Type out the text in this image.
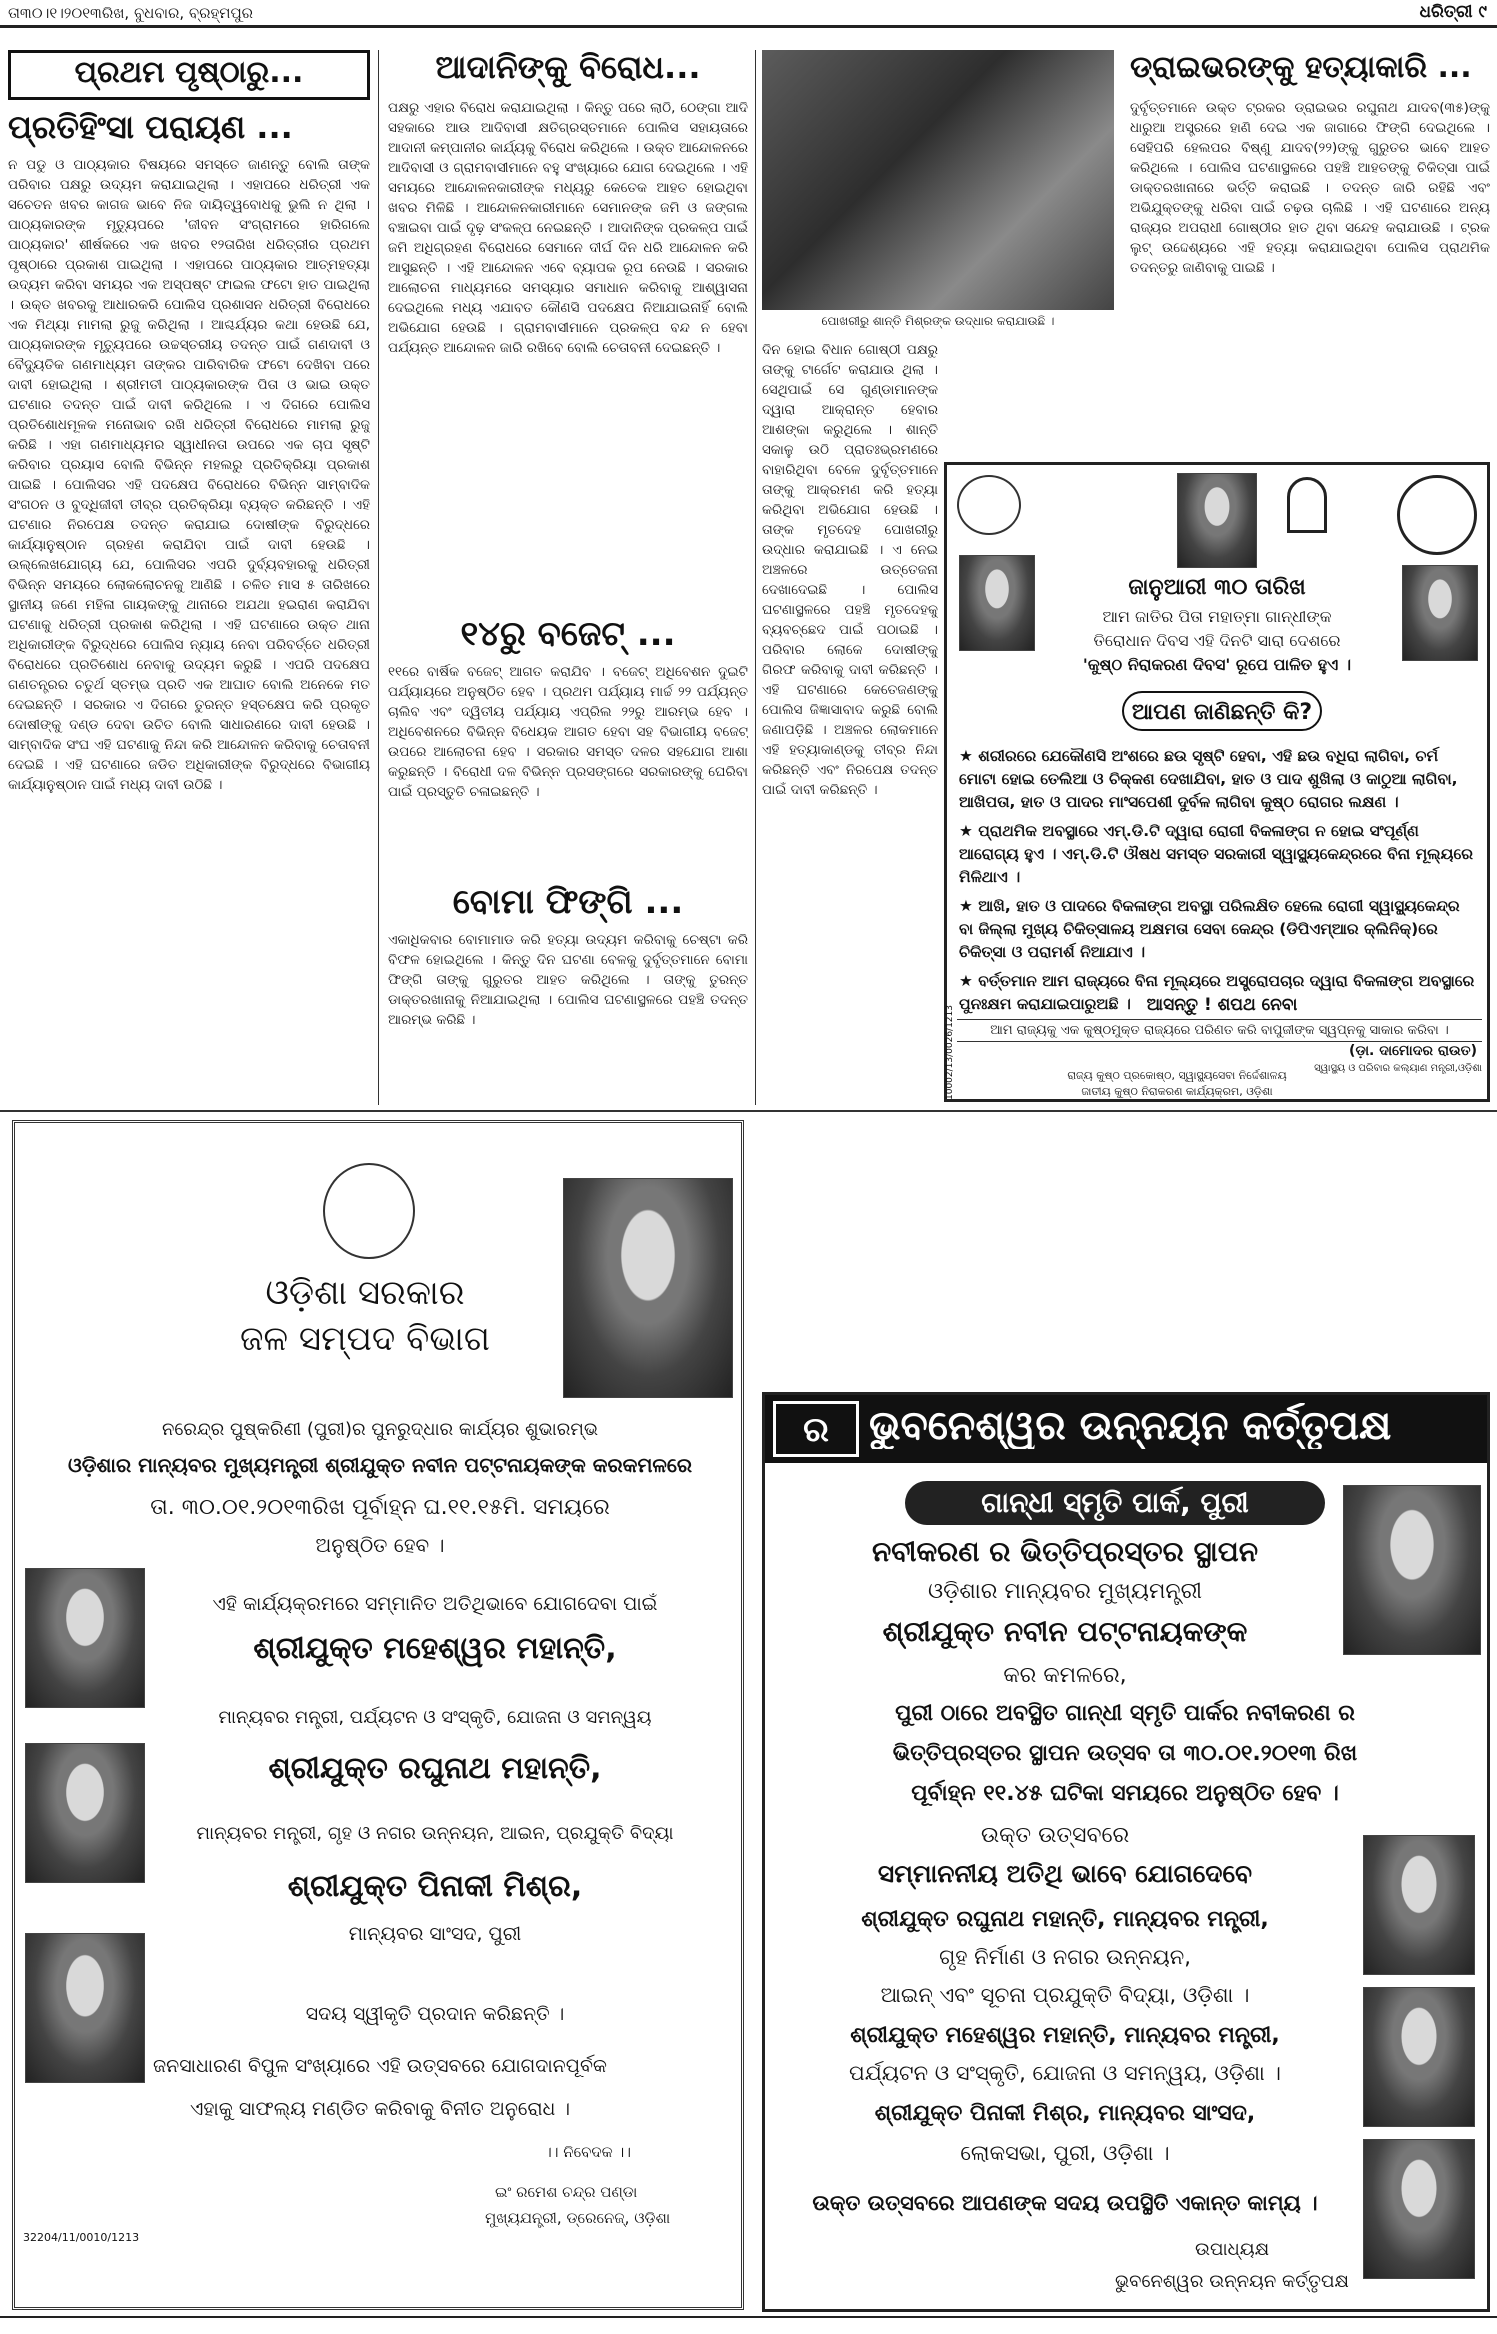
ତା୩୦।୧।୨୦୧୩ରିଖ, ବୁଧବାର, ବ୍ରହ୍ମପୁର	ଧରିତ୍ରୀ ୯
ପ୍ରଥମ ପୃଷ୍ଠାରୁ...
ପ୍ରତିହିଂସା ପରାୟଣ ...
ନ ପଡୁ ଓ ପାଠ୍ୟକାର ବିଷୟରେ ସମସ୍ତେ ଜାଣନ୍ତୁ ବୋଲି ତାଙ୍କ ପରିବାର ପକ୍ଷରୁ ଉଦ୍ୟମ କରାଯାଇଥିଲା । ଏହାପରେ ଧରିତ୍ରୀ ଏକ ସଚେତନ ଖବର କାଗଜ ଭାବେ ନିଜ ଦାୟିତ୍ୱବୋଧକୁ ଭୁଲି ନ ଥିଲା । ପାଠ୍ୟକାରଙ୍କ ମୃତ୍ୟୁପରେ 'ଜୀବନ ସଂଗ୍ରାମରେ ହାରିଗଲେ ପାଠ୍ୟକାର' ଶୀର୍ଷକରେ ଏକ ଖବର ୧୨ତାରିଖ ଧରିତ୍ରୀର ପ୍ରଥମ ପୃଷ୍ଠାରେ ପ୍ରକାଶ ପାଇଥିଲା । ଏହାପରେ ପାଠ୍ୟକାର ଆତ୍ମହତ୍ୟା ଉଦ୍ୟମ କରିବା ସମୟର ଏକ ଅସ୍ପଷ୍ଟ ଫାଇଲ ଫଟୋ ହାତ ପାଇଥିଲା । ଉକ୍ତ ଖବରକୁ ଆଧାରକରି ପୋଲିସ ପ୍ରଶାସନ ଧରିତ୍ରୀ ବିରୋଧରେ ଏକ ମିଥ୍ୟା ମାମଲା ରୁଜୁ କରିଥିଲା । ଆଶ୍ଚର୍ଯ୍ୟର କଥା ହେଉଛି ଯେ, ପାଠ୍ୟକାରଙ୍କ ମୃତ୍ୟୁପରେ ଉଚ୍ଚସ୍ତରୀୟ ତଦନ୍ତ ପାଇଁ ଗଣଦାବୀ ଓ ବୈଦ୍ୟୁତିକ ଗଣମାଧ୍ୟମ ତାଙ୍କର ପାରିବାରିକ ଫଟୋ ଦେଖିବା ପରେ ଦାବୀ ହୋଇଥିଲା । ଶ୍ରୀମତୀ ପାଠ୍ୟକାରଙ୍କ ପିତା ଓ ଭାଇ ଉକ୍ତ ଘଟଣାର ତଦନ୍ତ ପାଇଁ ଦାବୀ କରିଥିଲେ । ଏ ଦିଗରେ ପୋଲିସ ପ୍ରତିଶୋଧମୂଳକ ମନୋଭାବ ରଖି ଧରିତ୍ରୀ ବିରୋଧରେ ମାମଲା ରୁଜୁ କରିଛି । ଏହା ଗଣମାଧ୍ୟମର ସ୍ୱାଧୀନତା ଉପରେ ଏକ ଚାପ ସୃଷ୍ଟି କରିବାର ପ୍ରୟାସ ବୋଲି ବିଭିନ୍ନ ମହଲରୁ ପ୍ରତିକ୍ରିୟା ପ୍ରକାଶ ପାଇଛି । ପୋଲିସର ଏହି ପଦକ୍ଷେପ ବିରୋଧରେ ବିଭିନ୍ନ ସାମ୍ବାଦିକ ସଂଗଠନ ଓ ବୁଦ୍ଧିଜୀବୀ ତୀବ୍ର ପ୍ରତିକ୍ରିୟା ବ୍ୟକ୍ତ କରିଛନ୍ତି । ଏହି ଘଟଣାର ନିରପେକ୍ଷ ତଦନ୍ତ କରାଯାଇ ଦୋଷୀଙ୍କ ବିରୁଦ୍ଧରେ କାର୍ଯ୍ୟାନୁଷ୍ଠାନ ଗ୍ରହଣ କରାଯିବା ପାଇଁ ଦାବୀ ହେଉଛି । ଉଲ୍ଲେଖଯୋଗ୍ୟ ଯେ, ପୋଲିସର ଏପରି ଦୁର୍ବ୍ୟବହାରକୁ ଧରିତ୍ରୀ ବିଭିନ୍ନ ସମୟରେ ଲୋକଲୋଚନକୁ ଆଣିଛି । ଚଳିତ ମାସ ୫ ତାରିଖରେ ସ୍ଥାନୀୟ ଜଣେ ମହିଳା ଗାୟକଙ୍କୁ ଥାନାରେ ଅଯଥା ହଇରାଣ କରାଯିବା ଘଟଣାକୁ ଧରିତ୍ରୀ ପ୍ରକାଶ କରିଥିଲା । ଏହି ଘଟଣାରେ ଉକ୍ତ ଥାନା ଅଧିକାରୀଙ୍କ ବିରୁଦ୍ଧରେ ପୋଲିସ ନ୍ୟାୟ ନେବା ପରିବର୍ତ୍ତେ ଧରିତ୍ରୀ ବିରୋଧରେ ପ୍ରତିଶୋଧ ନେବାକୁ ଉଦ୍ୟମ କରୁଛି । ଏପରି ପଦକ୍ଷେପ ଗଣତନ୍ତ୍ରର ଚତୁର୍ଥ ସ୍ତମ୍ଭ ପ୍ରତି ଏକ ଆଘାତ ବୋଲି ଅନେକେ ମତ ଦେଇଛନ୍ତି । ସରକାର ଏ ଦିଗରେ ତୁରନ୍ତ ହସ୍ତକ୍ଷେପ କରି ପ୍ରକୃତ ଦୋଷୀଙ୍କୁ ଦଣ୍ଡ ଦେବା ଉଚିତ ବୋଲି ସାଧାରଣରେ ଦାବୀ ହେଉଛି । ସାମ୍ବାଦିକ ସଂଘ ଏହି ଘଟଣାକୁ ନିନ୍ଦା କରି ଆନ୍ଦୋଳନ କରିବାକୁ ଚେତାବନୀ ଦେଇଛି । ଏହି ଘଟଣାରେ ଜଡିତ ଅଧିକାରୀଙ୍କ ବିରୁଦ୍ଧରେ ବିଭାଗୀୟ କାର୍ଯ୍ୟାନୁଷ୍ଠାନ ପାଇଁ ମଧ୍ୟ ଦାବୀ ଉଠିଛି ।
ଆଦାନିଙ୍କୁ ବିରୋଧ...
ପକ୍ଷରୁ ଏହାର ବିରୋଧ କରାଯାଇଥିଲା । କିନ୍ତୁ ପରେ ଲାଠି, ଠେଙ୍ଗା ଆଦି ସହକାରେ ଆଉ ଆଦିବାସୀ କ୍ଷତିଗ୍ରସ୍ତମାନେ ପୋଲିସ ସହାୟତାରେ ଆଦାନୀ କମ୍ପାନୀର କାର୍ଯ୍ୟକୁ ବିରୋଧ କରିଥିଲେ । ଉକ୍ତ ଆନ୍ଦୋଳନରେ ଆଦିବାସୀ ଓ ଗ୍ରାମବାସୀମାନେ ବହୁ ସଂଖ୍ୟାରେ ଯୋଗ ଦେଇଥିଲେ । ଏହି ସମୟରେ ଆନ୍ଦୋଳନକାରୀଙ୍କ ମଧ୍ୟରୁ କେତେକ ଆହତ ହୋଇଥିବା ଖବର ମିଳିଛି । ଆନ୍ଦୋଳନକାରୀମାନେ ସେମାନଙ୍କ ଜମି ଓ ଜଙ୍ଗଲ ବଞ୍ଚାଇବା ପାଇଁ ଦୃଢ଼ ସଂକଳ୍ପ ନେଇଛନ୍ତି । ଆଦାନିଙ୍କ ପ୍ରକଳ୍ପ ପାଇଁ ଜମି ଅଧିଗ୍ରହଣ ବିରୋଧରେ ସେମାନେ ଦୀର୍ଘ ଦିନ ଧରି ଆନ୍ଦୋଳନ କରି ଆସୁଛନ୍ତି । ଏହି ଆନ୍ଦୋଳନ ଏବେ ବ୍ୟାପକ ରୂପ ନେଉଛି । ସରକାର ଆଲୋଚନା ମାଧ୍ୟମରେ ସମସ୍ୟାର ସମାଧାନ କରିବାକୁ ଆଶ୍ୱାସନା ଦେଇଥିଲେ ମଧ୍ୟ ଏଯାବତ କୌଣସି ପଦକ୍ଷେପ ନିଆଯାଇନାହିଁ ବୋଲି ଅଭିଯୋଗ ହେଉଛି । ଗ୍ରାମବାସୀମାନେ ପ୍ରକଳ୍ପ ବନ୍ଦ ନ ହେବା ପର୍ଯ୍ୟନ୍ତ ଆନ୍ଦୋଳନ ଜାରି ରଖିବେ ବୋଲି ଚେତାବନୀ ଦେଇଛନ୍ତି ।
୧୪ରୁ ବଜେଟ୍ ...
୧୧ରେ ବାର୍ଷିକ ବଜେଟ୍ ଆଗତ କରାଯିବ । ବଜେଟ୍ ଅଧିବେଶନ ଦୁଇଟି ପର୍ଯ୍ୟାୟରେ ଅନୁଷ୍ଠିତ ହେବ । ପ୍ରଥମ ପର୍ଯ୍ୟାୟ ମାର୍ଚ୍ଚ ୨୨ ପର୍ଯ୍ୟନ୍ତ ଚାଲିବ ଏବଂ ଦ୍ୱିତୀୟ ପର୍ଯ୍ୟାୟ ଏପ୍ରିଲ ୨୨ରୁ ଆରମ୍ଭ ହେବ । ଅଧିବେଶନରେ ବିଭିନ୍ନ ବିଧେୟକ ଆଗତ ହେବା ସହ ବିଭାଗୀୟ ବଜେଟ୍ ଉପରେ ଆଲୋଚନା ହେବ । ସରକାର ସମସ୍ତ ଦଳର ସହଯୋଗ ଆଶା କରୁଛନ୍ତି । ବିରୋଧୀ ଦଳ ବିଭିନ୍ନ ପ୍ରସଙ୍ଗରେ ସରକାରଙ୍କୁ ଘେରିବା ପାଇଁ ପ୍ରସ୍ତୁତି ଚଳାଇଛନ୍ତି ।
ବୋମା ଫିଙ୍ଗି ...
ଏକାଧିକବାର ବୋମାମାଡ କରି ହତ୍ୟା ଉଦ୍ୟମ କରିବାକୁ ଚେଷ୍ଟା କରି ବିଫଳ ହୋଇଥିଲେ । କିନ୍ତୁ ଦିନ ଘଟଣା ବେଳକୁ ଦୁର୍ବୃତ୍ତମାନେ ବୋମା ଫିଙ୍ଗି ତାଙ୍କୁ ଗୁରୁତର ଆହତ କରିଥିଲେ । ତାଙ୍କୁ ତୁରନ୍ତ ଡାକ୍ତରଖାନାକୁ ନିଆଯାଇଥିଲା । ପୋଲିସ ଘଟଣାସ୍ଥଳରେ ପହଞ୍ଚି ତଦନ୍ତ ଆରମ୍ଭ କରିଛି ।
ପୋଖରୀରୁ ଶାନ୍ତି ମିଶ୍ରଙ୍କ ଉଦ୍ଧାର କରାଯାଉଛି ।
ଦିନ ହୋଇ ବିଧାନ ଗୋଷ୍ଠୀ ପକ୍ଷରୁ ତାଙ୍କୁ ଟାର୍ଗେଟ କରାଯାଉ ଥିଲା । ସେଥିପାଇଁ ସେ ଗୁଣ୍ଡାମାନଙ୍କ ଦ୍ୱାରା ଆକ୍ରାନ୍ତ ହେବାର ଆଶଙ୍କା କରୁଥିଲେ । ଶାନ୍ତି ସକାଳୁ ଉଠି ପ୍ରାତଃଭ୍ରମଣରେ ବାହାରିଥିବା ବେଳେ ଦୁର୍ବୃତ୍ତମାନେ ତାଙ୍କୁ ଆକ୍ରମଣ କରି ହତ୍ୟା କରିଥିବା ଅଭିଯୋଗ ହେଉଛି । ତାଙ୍କ ମୃତଦେହ ପୋଖରୀରୁ ଉଦ୍ଧାର କରାଯାଇଛି । ଏ ନେଇ ଅଞ୍ଚଳରେ ଉତ୍ତେଜନା ଦେଖାଦେଇଛି । ପୋଲିସ ଘଟଣାସ୍ଥଳରେ ପହଞ୍ଚି ମୃତଦେହକୁ ବ୍ୟବଚ୍ଛେଦ ପାଇଁ ପଠାଇଛି । ପରିବାର ଲୋକେ ଦୋଷୀଙ୍କୁ ଗିରଫ କରିବାକୁ ଦାବୀ କରିଛନ୍ତି । ଏହି ଘଟଣାରେ କେତେଜଣଙ୍କୁ ପୋଲିସ ଜିଜ୍ଞାସାବାଦ କରୁଛି ବୋଲି ଜଣାପଡ଼ିଛି । ଅଞ୍ଚଳର ଲୋକମାନେ ଏହି ହତ୍ୟାକାଣ୍ଡକୁ ତୀବ୍ର ନିନ୍ଦା କରିଛନ୍ତି ଏବଂ ନିରପେକ୍ଷ ତଦନ୍ତ ପାଇଁ ଦାବୀ କରିଛନ୍ତି ।
ଡ୍ରାଇଭରଙ୍କୁ ହତ୍ୟାକାରି ...
ଦୁର୍ବୃତ୍ତମାନେ ଉକ୍ତ ଟ୍ରକର ଡ୍ରାଇଭର ରଘୁନାଥ ଯାଦବ(୩୫)ଙ୍କୁ ଧାରୁଆ ଅସ୍ତ୍ରରେ ହାଣି ଦେଇ ଏକ ଜାଗାରେ ଫିଙ୍ଗି ଦେଇଥିଲେ । ସେହିପରି ହେଲପର ବିଷ୍ଣୁ ଯାଦବ(୨୨)ଙ୍କୁ ଗୁରୁତର ଭାବେ ଆହତ କରିଥିଲେ । ପୋଲିସ ଘଟଣାସ୍ଥଳରେ ପହଞ୍ଚି ଆହତଙ୍କୁ ଚିକିତ୍ସା ପାଇଁ ଡାକ୍ତରଖାନାରେ ଭର୍ତ୍ତି କରାଇଛି । ତଦନ୍ତ ଜାରି ରହିଛି ଏବଂ ଅଭିଯୁକ୍ତଙ୍କୁ ଧରିବା ପାଇଁ ଚଢ଼ଉ ଚାଲିଛି । ଏହି ଘଟଣାରେ ଅନ୍ୟ ରାଜ୍ୟର ଅପରାଧୀ ଗୋଷ୍ଠୀର ହାତ ଥିବା ସନ୍ଦେହ କରାଯାଉଛି । ଟ୍ରକ ଲୁଟ୍ ଉଦ୍ଦେଶ୍ୟରେ ଏହି ହତ୍ୟା କରାଯାଇଥିବା ପୋଲିସ ପ୍ରାଥମିକ ତଦନ୍ତରୁ ଜାଣିବାକୁ ପାଇଛି ।
ଜାନୁଆରୀ ୩୦ ତାରିଖ
ଆମ ଜାତିର ପିତା ମହାତ୍ମା ଗାନ୍ଧୀଙ୍କ
ତିରୋଧାନ ଦିବସ ଏହି ଦିନଟି ସାରା ଦେଶରେ
'କୁଷ୍ଠ ନିରାକରଣ ଦିବସ' ରୂପେ ପାଳିତ ହୁଏ ।
ଆପଣ ଜାଣିଛନ୍ତି କି?
★ ଶରୀରରେ ଯେକୌଣସି ଅଂଶରେ ଛଉ ସୃଷ୍ଟି ହେବା, ଏହି ଛଉ ବଧିରା ଲାଗିବା, ଚର୍ମ ମୋଟା ହୋଇ ତେଲିଆ ଓ ଚିକ୍କଣ ଦେଖାଯିବା, ହାତ ଓ ପାଦ ଶୁଖିଲା ଓ କାଠୁଆ ଲାଗିବା, ଆଖିପତା, ହାତ ଓ ପାଦର ମାଂସପେଶୀ ଦୁର୍ବଳ ଲାଗିବା କୁଷ୍ଠ ରୋଗର ଲକ୍ଷଣ ।
★ ପ୍ରାଥମିକ ଅବସ୍ଥାରେ ଏମ୍.ଡି.ଟି ଦ୍ୱାରା ରୋଗୀ ବିକଳାଙ୍ଗ ନ ହୋଇ ସଂପୂର୍ଣ୍ଣ ଆରୋଗ୍ୟ ହୁଏ । ଏମ୍.ଡି.ଟି ଔଷଧ ସମସ୍ତ ସରକାରୀ ସ୍ୱାସ୍ଥ୍ୟକେନ୍ଦ୍ରରେ ବିନା ମୂଲ୍ୟରେ ମିଳିଥାଏ ।
★ ଆଖି, ହାତ ଓ ପାଦରେ ବିକଳାଙ୍ଗ ଅବସ୍ଥା ପରିଲକ୍ଷିତ ହେଲେ ରୋଗୀ ସ୍ୱାସ୍ଥ୍ୟକେନ୍ଦ୍ର ବା ଜିଲ୍ଲା ମୁଖ୍ୟ ଚିକିତ୍ସାଳୟ ଅକ୍ଷମତା ସେବା କେନ୍ଦ୍ର (ଡିପିଏମ୍‌ଆର କ୍ଲିନିକ୍)ରେ ଚିକିତ୍ସା ଓ ପରାମର୍ଶ ନିଆଯାଏ ।
★ ବର୍ତ୍ତମାନ ଆମ ରାଜ୍ୟରେ ବିନା ମୂଲ୍ୟରେ ଅସ୍ତ୍ରୋପଚାର ଦ୍ୱାରା ବିକଳାଙ୍ଗ ଅବସ୍ଥାରେ ପୁନଃକ୍ଷମ କରାଯାଇପାରୁଅଛି । ଆସନ୍ତୁ ! ଶପଥ ନେବା
ଆମ ରାଜ୍ୟକୁ ଏକ କୁଷ୍ଠମୁକ୍ତ ରାଜ୍ୟରେ ପରିଣତ କରି ବାପୁଜୀଙ୍କ ସ୍ୱପ୍ନକୁ ସାକାର କରିବା ।
(ଡ଼ା. ଦାମୋଦର ରାଉତ)
ସ୍ୱାସ୍ଥ୍ୟ ଓ ପରିବାର କଲ୍ୟାଣ ମନ୍ତ୍ରୀ,ଓଡ଼ିଶା
ରାଜ୍ୟ କୁଷ୍ଠ ପ୍ରକୋଷ୍ଠ, ସ୍ୱାସ୍ଥ୍ୟସେବା ନିର୍ଦ୍ଦେଶାଳୟ
ଜାତୀୟ କୁଷ୍ଠ ନିରାକରଣ କାର୍ଯ୍ୟକ୍ରମ, ଓଡ଼ିଶା
10002/13/0026/1213
ଓଡ଼ିଶା ସରକାର
ଜଳ ସମ୍ପଦ ବିଭାଗ
ନରେନ୍ଦ୍ର ପୁଷ୍କରିଣୀ (ପୁରୀ)ର ପୁନରୁଦ୍ଧାର କାର୍ଯ୍ୟର ଶୁଭାରମ୍ଭ
ଓଡ଼ିଶାର ମାନ୍ୟବର ମୁଖ୍ୟମନ୍ତ୍ରୀ ଶ୍ରୀଯୁକ୍ତ ନବୀନ ପଟ୍ଟନାୟକଙ୍କ କରକମଳରେ
ତା. ୩୦.୦୧.୨୦୧୩ରିଖ ପୂର୍ବାହ୍ନ ଘ.୧୧.୧୫ମି. ସମୟରେ
ଅନୁଷ୍ଠିତ ହେବ ।
ଏହି କାର୍ଯ୍ୟକ୍ରମରେ ସମ୍ମାନିତ ଅତିଥିଭାବେ ଯୋଗଦେବା ପାଇଁ
ଶ୍ରୀଯୁକ୍ତ ମହେଶ୍ୱର ମହାନ୍ତି,
ମାନ୍ୟବର ମନ୍ତ୍ରୀ, ପର୍ଯ୍ୟଟନ ଓ ସଂସ୍କୃତି, ଯୋଜନା ଓ ସମନ୍ୱୟ
ଶ୍ରୀଯୁକ୍ତ ରଘୁନାଥ ମହାନ୍ତି,
ମାନ୍ୟବର ମନ୍ତ୍ରୀ, ଗୃହ ଓ ନଗର ଉନ୍ନୟନ, ଆଇନ, ପ୍ରଯୁକ୍ତି ବିଦ୍ୟା
ଶ୍ରୀଯୁକ୍ତ ପିନାକୀ ମିଶ୍ର,
ମାନ୍ୟବର ସାଂସଦ, ପୁରୀ
ସଦୟ ସ୍ୱୀକୃତି ପ୍ରଦାନ କରିଛନ୍ତି ।
ଜନସାଧାରଣ ବିପୁଳ ସଂଖ୍ୟାରେ ଏହି ଉତ୍ସବରେ ଯୋଗଦାନପୂର୍ବକ
ଏହାକୁ ସାଫଲ୍ୟ ମଣ୍ଡିତ କରିବାକୁ ବିନୀତ ଅନୁରୋଧ ।
।। ନିବେଦକ ।।
ଇଂ ରମେଶ ଚନ୍ଦ୍ର ପଣ୍ଡା
ମୁଖ୍ୟଯନ୍ତ୍ରୀ, ଡ୍ରେନେଜ୍, ଓଡ଼ିଶା
32204/11/0010/1213
ର	ଭୁବନେଶ୍ୱର ଉନ୍ନୟନ କର୍ତ୍ତୃପକ୍ଷ
ଗାନ୍ଧୀ ସ୍ମୃତି ପାର୍କ, ପୁରୀ
ନବୀକରଣ ର ଭିତ୍ତିପ୍ରସ୍ତର ସ୍ଥାପନ
ଓଡ଼ିଶାର ମାନ୍ୟବର ମୁଖ୍ୟମନ୍ତ୍ରୀ
ଶ୍ରୀଯୁକ୍ତ ନବୀନ ପଟ୍ଟନାୟକଙ୍କ
କର କମଳରେ,
ପୁରୀ ଠାରେ ଅବସ୍ଥିତ ଗାନ୍ଧୀ ସ୍ମୃତି ପାର୍କର ନବୀକରଣ ର
ଭିତ୍ତିପ୍ରସ୍ତର ସ୍ଥାପନ ଉତ୍ସବ ତା ୩୦.୦୧.୨୦୧୩ ରିଖ
ପୂର୍ବାହ୍ନ ୧୧.୪୫ ଘଟିକା ସମୟରେ ଅନୁଷ୍ଠିତ ହେବ ।
ଉକ୍ତ ଉତ୍ସବରେ
ସମ୍ମାନନୀୟ ଅତିଥି ଭାବେ ଯୋଗଦେବେ
ଶ୍ରୀଯୁକ୍ତ ରଘୁନାଥ ମହାନ୍ତି, ମାନ୍ୟବର ମନ୍ତ୍ରୀ,
ଗୃହ ନିର୍ମାଣ ଓ ନଗର ଉନ୍ନୟନ,
ଆଇନ୍ ଏବଂ ସୂଚନା ପ୍ରଯୁକ୍ତି ବିଦ୍ୟା, ଓଡ଼ିଶା ।
ଶ୍ରୀଯୁକ୍ତ ମହେଶ୍ୱର ମହାନ୍ତି, ମାନ୍ୟବର ମନ୍ତ୍ରୀ,
ପର୍ଯ୍ୟଟନ ଓ ସଂସ୍କୃତି, ଯୋଜନା ଓ ସମନ୍ୱୟ, ଓଡ଼ିଶା ।
ଶ୍ରୀଯୁକ୍ତ ପିନାକୀ ମିଶ୍ର, ମାନ୍ୟବର ସାଂସଦ,
ଲୋକସଭା, ପୁରୀ, ଓଡ଼ିଶା ।
ଉକ୍ତ ଉତ୍ସବରେ ଆପଣଙ୍କ ସଦୟ ଉପସ୍ଥିତି ଏକାନ୍ତ କାମ୍ୟ ।
ଉପାଧ୍ୟକ୍ଷ
ଭୁବନେଶ୍ୱର ଉନ୍ନୟନ କର୍ତ୍ତୃପକ୍ଷ
